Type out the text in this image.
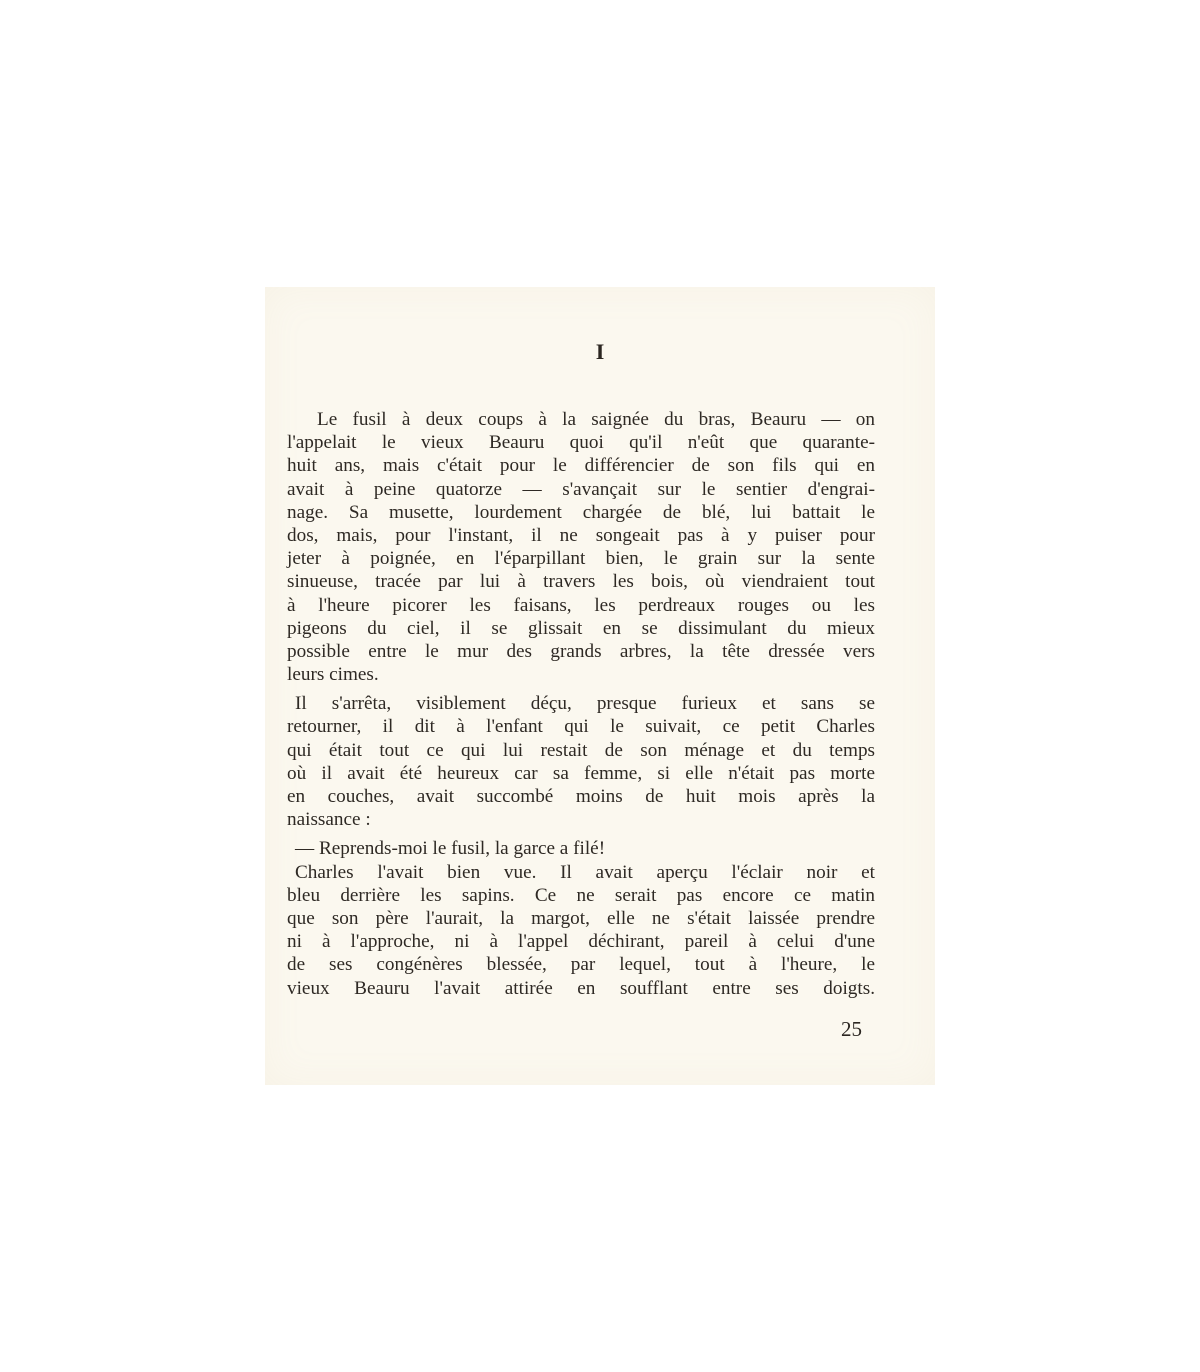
I
Le fusil à deux coups à la saignée du bras, Beauru — on
l'appelait le vieux Beauru quoi qu'il n'eût que quarante-
huit ans, mais c'était pour le différencier de son fils qui en
avait à peine quatorze — s'avançait sur le sentier d'engrai-
nage. Sa musette, lourdement chargée de blé, lui battait le
dos, mais, pour l'instant, il ne songeait pas à y puiser pour
jeter à poignée, en l'éparpillant bien, le grain sur la sente
sinueuse, tracée par lui à travers les bois, où viendraient tout
à l'heure picorer les faisans, les perdreaux rouges ou les
pigeons du ciel, il se glissait en se dissimulant du mieux
possible entre le mur des grands arbres, la tête dressée vers
leurs cimes.
Il s'arrêta, visiblement déçu, presque furieux et sans se
retourner, il dit à l'enfant qui le suivait, ce petit Charles
qui était tout ce qui lui restait de son ménage et du temps
où il avait été heureux car sa femme, si elle n'était pas morte
en couches, avait succombé moins de huit mois après la
naissance :
— Reprends-moi le fusil, la garce a filé!
Charles l'avait bien vue. Il avait aperçu l'éclair noir et
bleu derrière les sapins. Ce ne serait pas encore ce matin
que son père l'aurait, la margot, elle ne s'était laissée prendre
ni à l'approche, ni à l'appel déchirant, pareil à celui d'une
de ses congénères blessée, par lequel, tout à l'heure, le
vieux Beauru l'avait attirée en soufflant entre ses doigts.
25
